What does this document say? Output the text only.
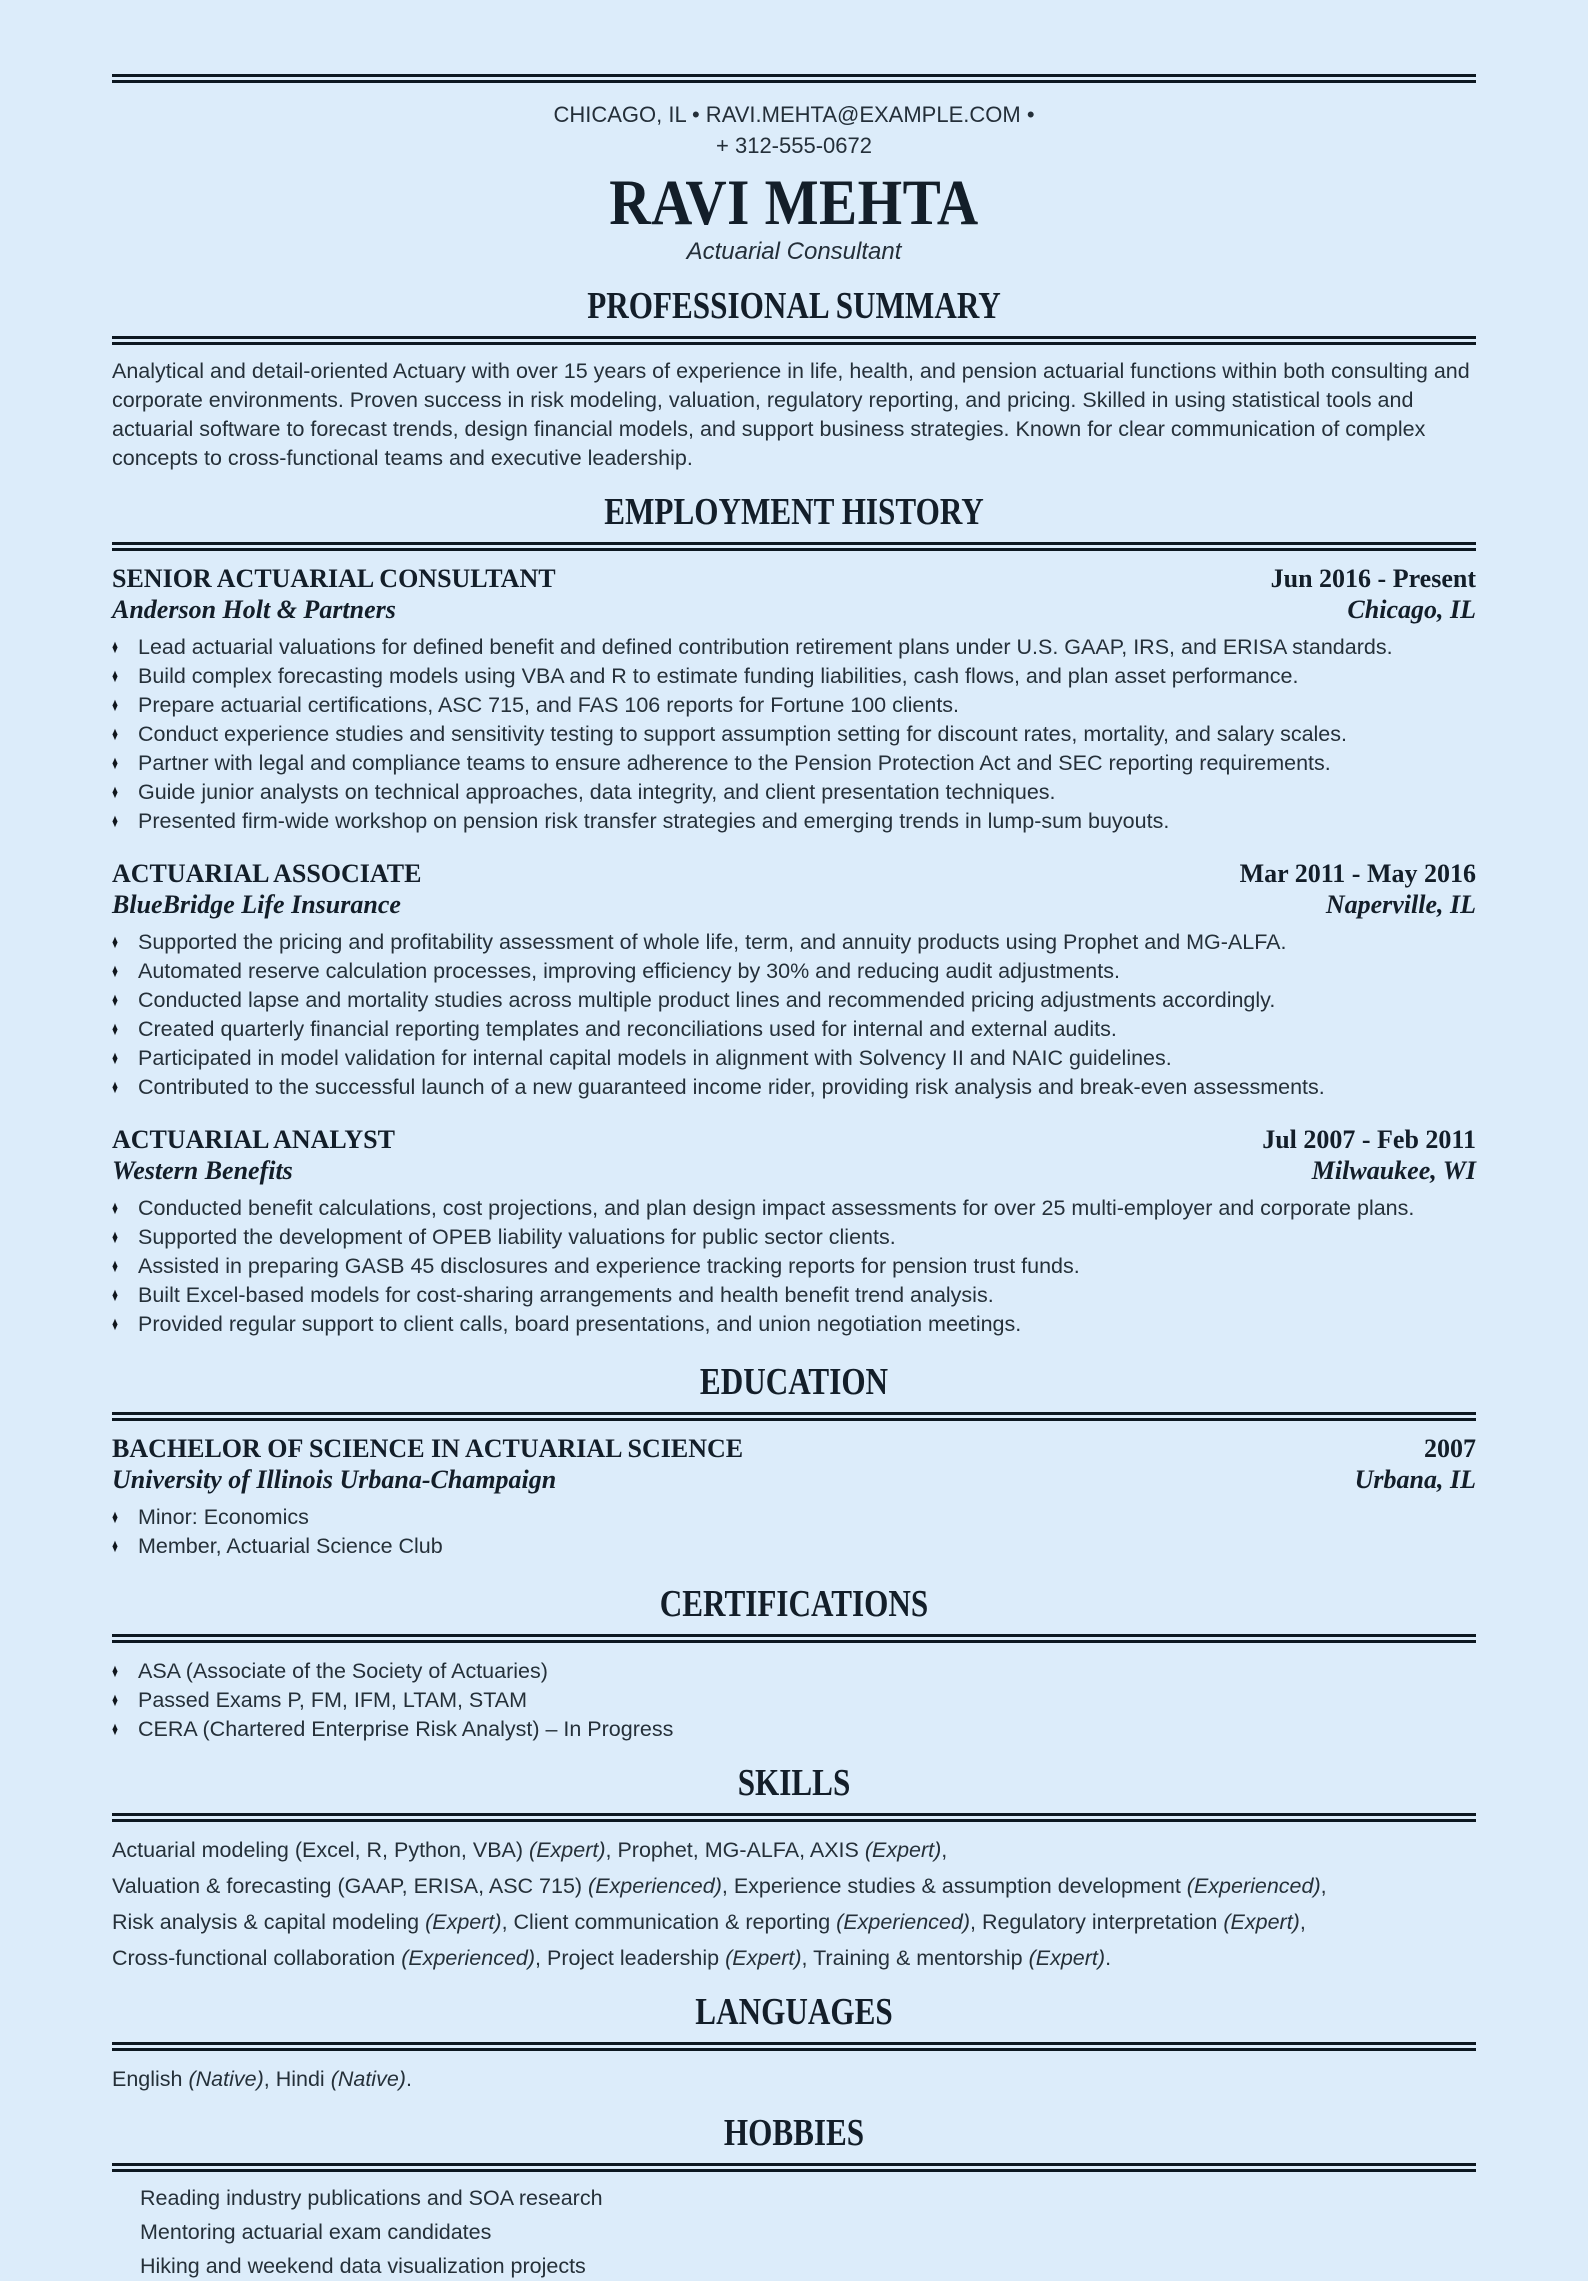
CHICAGO, IL • RAVI.MEHTA@EXAMPLE.COM •
+ 312-555-0672
RAVI MEHTA
Actuarial Consultant
PROFESSIONAL SUMMARY

Analytical and detail-oriented Actuary with over 15 years of experience in life, health, and pension actuarial functions within both consulting and corporate environments. Proven success in risk modeling, valuation, regulatory reporting, and pricing. Skilled in using statistical tools and actuarial software to forecast trends, design financial models, and support business strategies. Known for clear communication of complex concepts to cross-functional teams and executive leadership.

EMPLOYMENT HISTORY
SENIOR ACTUARIAL CONSULTANT
Anderson Holt & Partners
Jun 2016 - Present
Chicago, IL
♦ Lead actuarial valuations for defined benefit and defined contribution retirement plans under U.S. GAAP, IRS, and ERISA standards.
♦ Build complex forecasting models using VBA and R to estimate funding liabilities, cash flows, and plan asset performance.
♦ Prepare actuarial certifications, ASC 715, and FAS 106 reports for Fortune 100 clients.
♦ Conduct experience studies and sensitivity testing to support assumption setting for discount rates, mortality, and salary scales.
♦ Partner with legal and compliance teams to ensure adherence to the Pension Protection Act and SEC reporting requirements.
♦ Guide junior analysts on technical approaches, data integrity, and client presentation techniques.
♦ Presented firm-wide workshop on pension risk transfer strategies and emerging trends in lump-sum buyouts.
ACTUARIAL ASSOCIATE
BlueBridge Life Insurance
Mar 2011 - May 2016
Naperville, IL
♦ Supported the pricing and profitability assessment of whole life, term, and annuity products using Prophet and MG-ALFA.
♦ Automated reserve calculation processes, improving efficiency by 30% and reducing audit adjustments.
♦ Conducted lapse and mortality studies across multiple product lines and recommended pricing adjustments accordingly.
♦ Created quarterly financial reporting templates and reconciliations used for internal and external audits.
♦ Participated in model validation for internal capital models in alignment with Solvency II and NAIC guidelines.
♦ Contributed to the successful launch of a new guaranteed income rider, providing risk analysis and break-even assessments.
ACTUARIAL ANALYST
Western Benefits
Jul 2007 - Feb 2011
Milwaukee, WI
♦ Conducted benefit calculations, cost projections, and plan design impact assessments for over 25 multi-employer and corporate plans.
♦ Supported the development of OPEB liability valuations for public sector clients.
♦ Assisted in preparing GASB 45 disclosures and experience tracking reports for pension trust funds.
♦ Built Excel-based models for cost-sharing arrangements and health benefit trend analysis.
♦ Provided regular support to client calls, board presentations, and union negotiation meetings.
EDUCATION
BACHELOR OF SCIENCE IN ACTUARIAL SCIENCE
University of Illinois Urbana-Champaign
2007
Urbana, IL
♦ Minor: Economics
♦ Member, Actuarial Science Club
CERTIFICATIONS
♦ ASA (Associate of the Society of Actuaries)
♦ Passed Exams P, FM, IFM, LTAM, STAM
♦ CERA (Chartered Enterprise Risk Analyst) – In Progress
SKILLS
Actuarial modeling (Excel, R, Python, VBA) (Expert), Prophet, MG-ALFA, AXIS (Expert),
Valuation & forecasting (GAAP, ERISA, ASC 715) (Experienced), Experience studies & assumption development (Experienced),
Risk analysis & capital modeling (Expert), Client communication & reporting (Experienced), Regulatory interpretation (Expert),
Cross-functional collaboration (Experienced), Project leadership (Expert), Training & mentorship (Expert).
LANGUAGES
English (Native), Hindi (Native).
HOBBIES
Reading industry publications and SOA research
Mentoring actuarial exam candidates
Hiking and weekend data visualization projects
